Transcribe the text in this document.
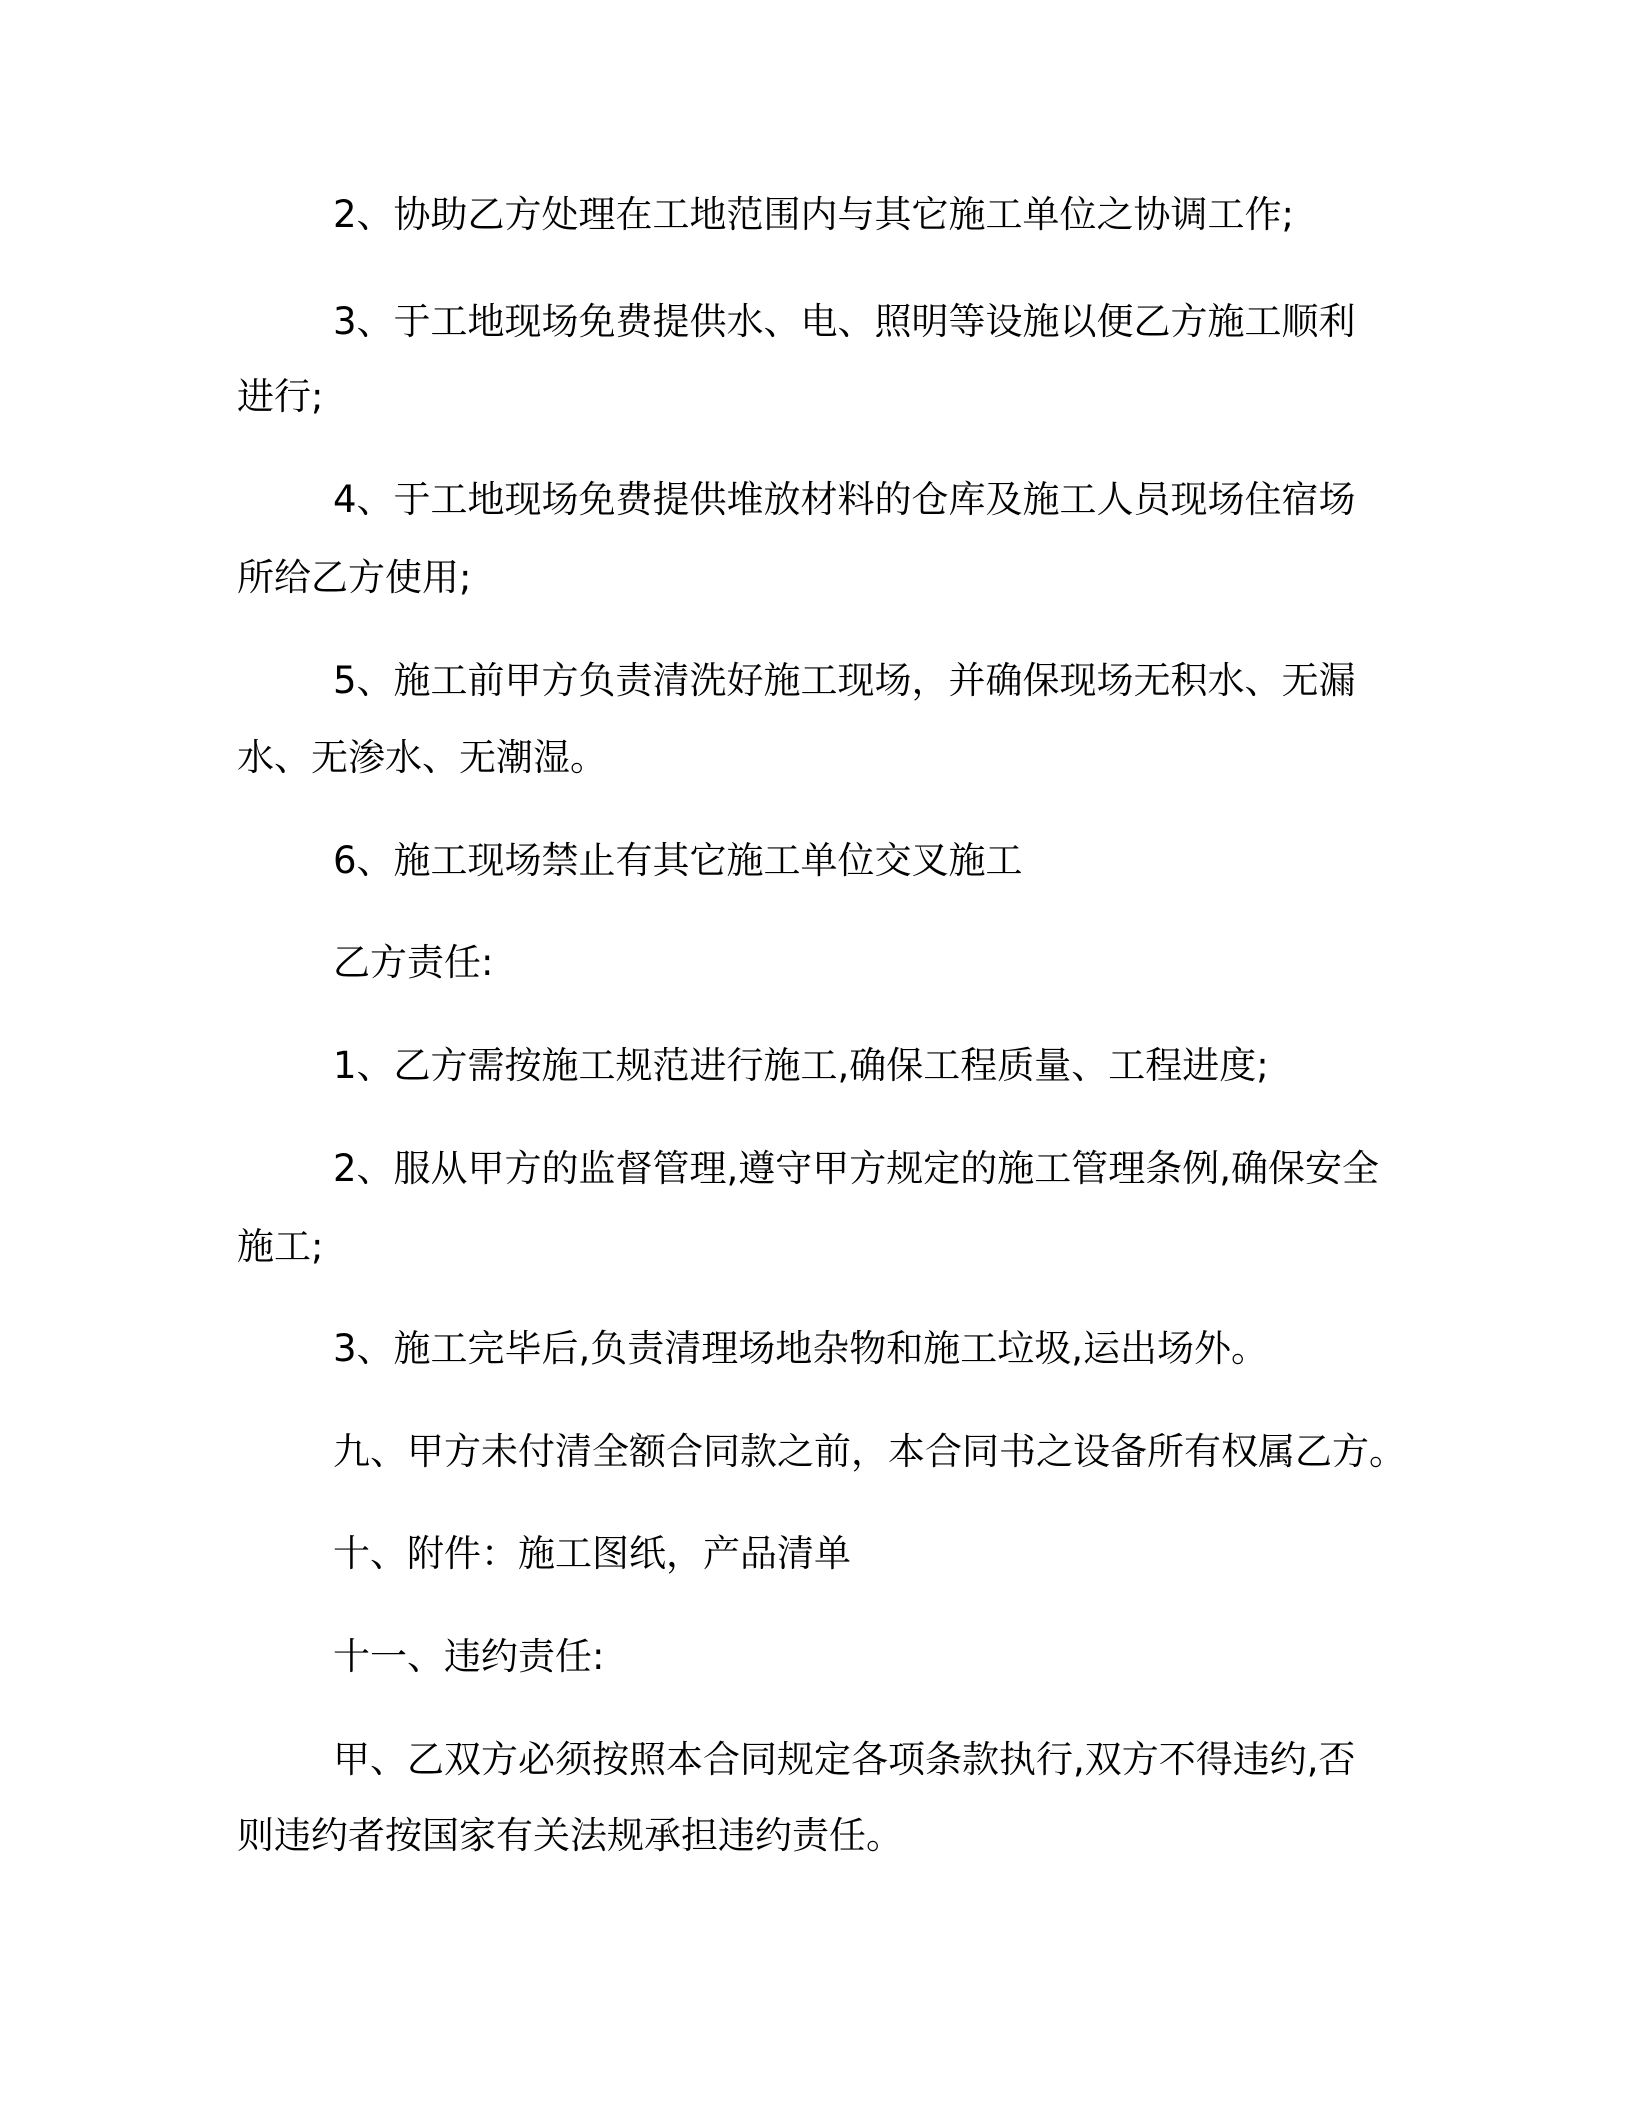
2、协助乙方处理在工地范围内与其它施工单位之协调工作;

3、于工地现场免费提供水、电、照明等设施以便乙方施工顺利

进行;

4、于工地现场免费提供堆放材料的仓库及施工人员现场住宿场

所给乙方使用;

5、施工前甲方负责清洗好施工现场，并确保现场无积水、无漏

水、无渗水、无潮湿。

6、施工现场禁止有其它施工单位交叉施工

乙方责任:

1、乙方需按施工规范进行施工,确保工程质量、工程进度;

2、服从甲方的监督管理,遵守甲方规定的施工管理条例,确保安全

施工;

3、施工完毕后,负责清理场地杂物和施工垃圾,运出场外。

九、甲方未付清全额合同款之前，本合同书之设备所有权属乙方。

十、附件：施工图纸，产品清单

十一、违约责任:

甲、乙双方必须按照本合同规定各项条款执行,双方不得违约,否

则违约者按国家有关法规承担违约责任。
